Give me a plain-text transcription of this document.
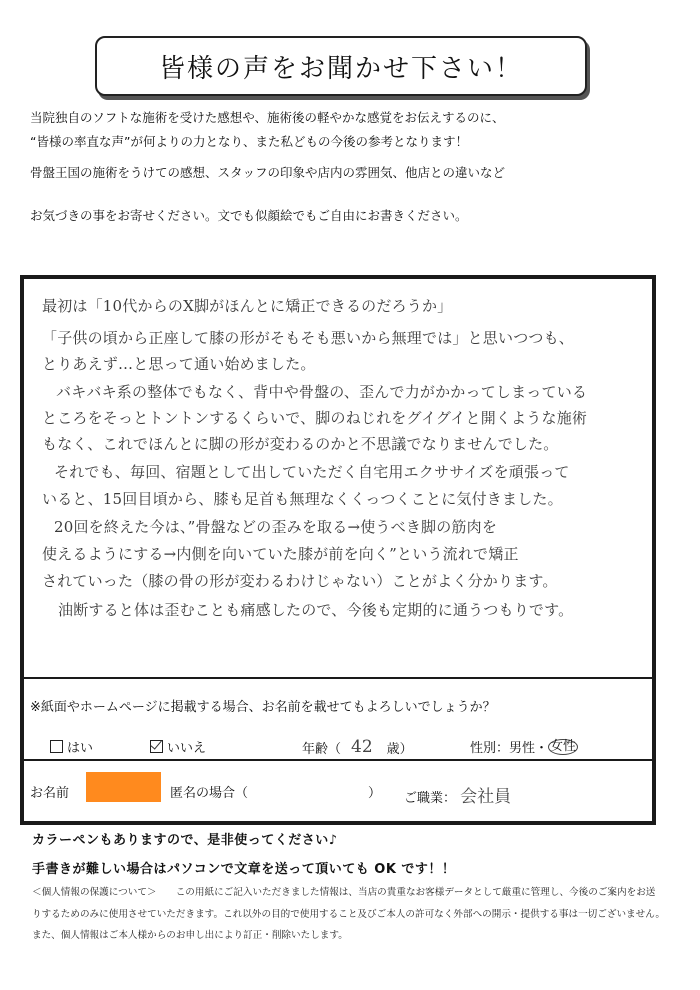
皆様の声をお聞かせ下さい！
当院独自のソフトな施術を受けた感想や、施術後の軽やかな感覚をお伝えするのに、
“皆様の率直な声”が何よりの力となり、また私どもの今後の参考となります！
骨盤王国の施術をうけての感想、スタッフの印象や店内の雰囲気、他店との違いなど
お気づきの事をお寄せください。文でも似顔絵でもご自由にお書きください。
最初は「10代からのX脚がほんとに矯正できるのだろうか」
「子供の頃から正座して膝の形がそもそも悪いから無理では」と思いつつも、
とりあえず…と思って通い始めました。
バキバキ系の整体でもなく、背中や骨盤の、歪んで力がかかってしまっている
ところをそっとトントンするくらいで、脚のねじれをグイグイと開くような施術
もなく、これでほんとに脚の形が変わるのかと不思議でなりませんでした。
それでも、毎回、宿題として出していただく自宅用エクササイズを頑張って
いると、15回目頃から、膝も足首も無理なくくっつくことに気付きました。
20回を終えた今は、”骨盤などの歪みを取る→使うべき脚の筋肉を
使えるようにする→内側を向いていた膝が前を向く”という流れで矯正
されていった（膝の骨の形が変わるわけじゃない）ことがよく分かります。
油断すると体は歪むことも痛感したので、今後も定期的に通うつもりです。
※紙面やホームページに掲載する場合、お名前を載せてもよろしいでしょうか？
はい	いいえ	年齢（ 42 歳）	性別：男性・ 女性
お名前	匿名の場合（	） ご職業： 会社員
カラーペンもありますので、是非使ってください♪
手書きが難しい場合はパソコンで文章を送って頂いても OK です！！
＜個人情報の保護について＞　　この用紙にご記入いただきました情報は、当店の貴重なお客様データとして厳重に管理し、今後のご案内をお送
りするためのみに使用させていただきます。これ以外の目的で使用すること及びご本人の許可なく外部への開示・提供する事は一切ございません。
また、個人情報はご本人様からのお申し出により訂正・削除いたします。
